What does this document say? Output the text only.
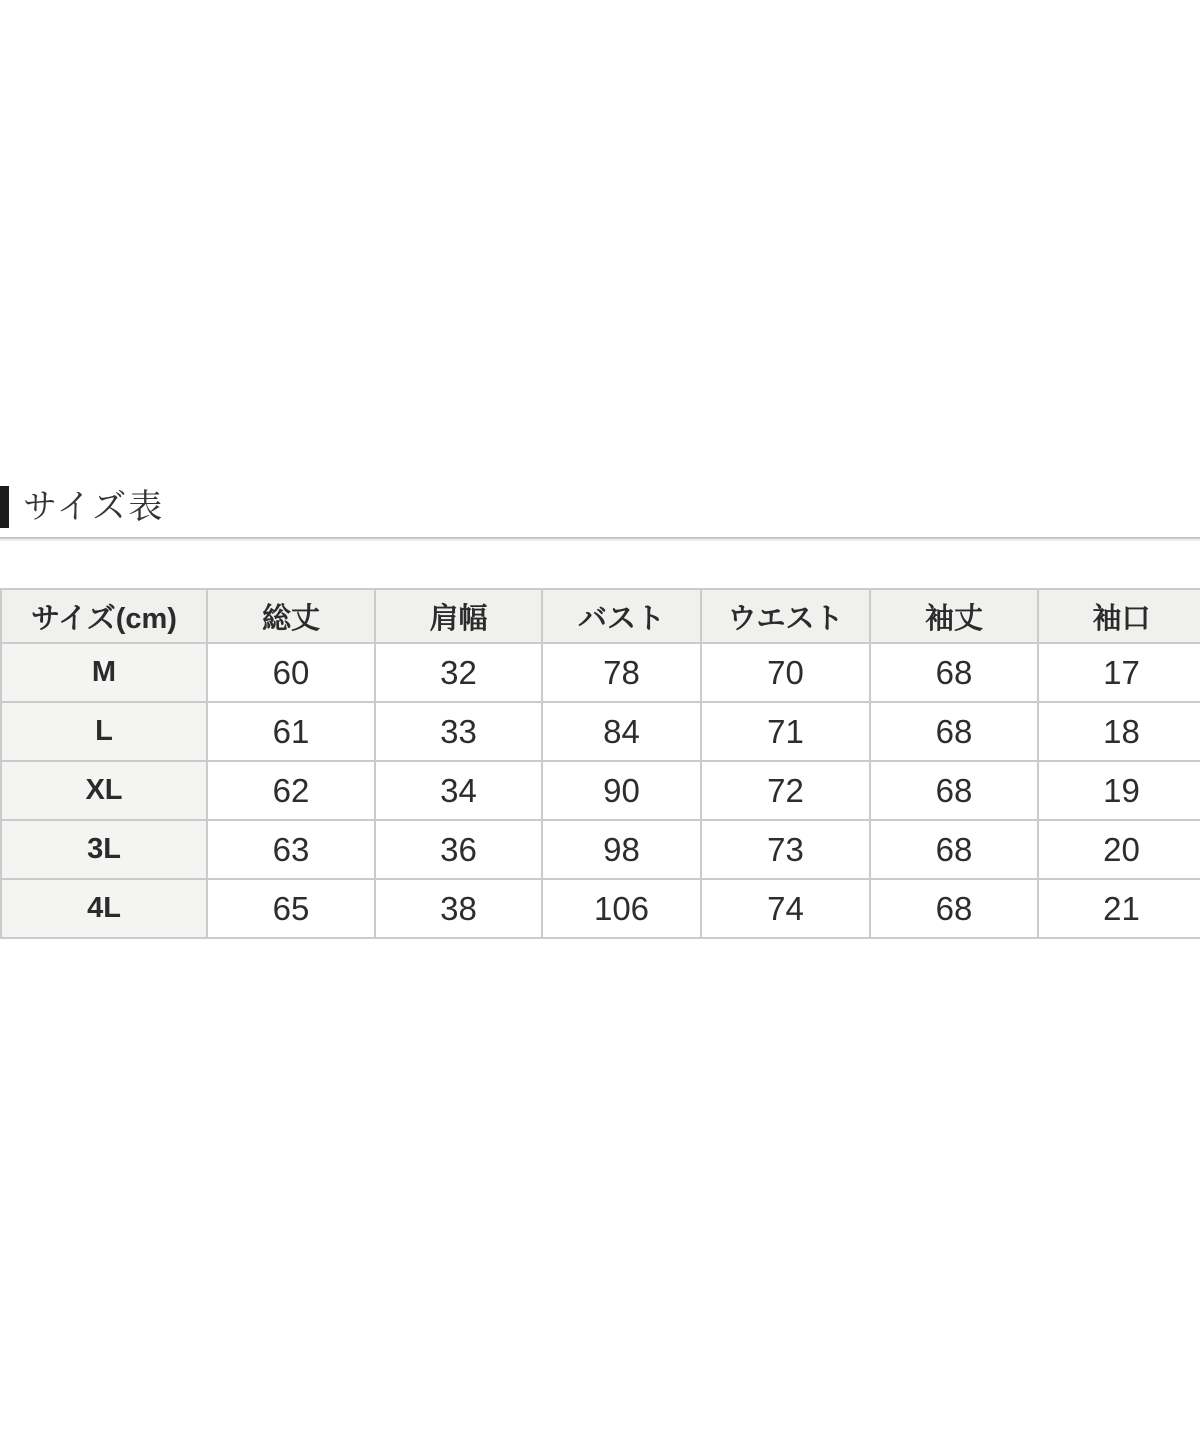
サイズ表
サイズ(cm)	総丈	肩幅	バスト	ウエスト	袖丈	袖口
M	60	32	78	70	68	17
L	61	33	84	71	68	18
XL	62	34	90	72	68	19
3L	63	36	98	73	68	20
4L	65	38	106	74	68	21
